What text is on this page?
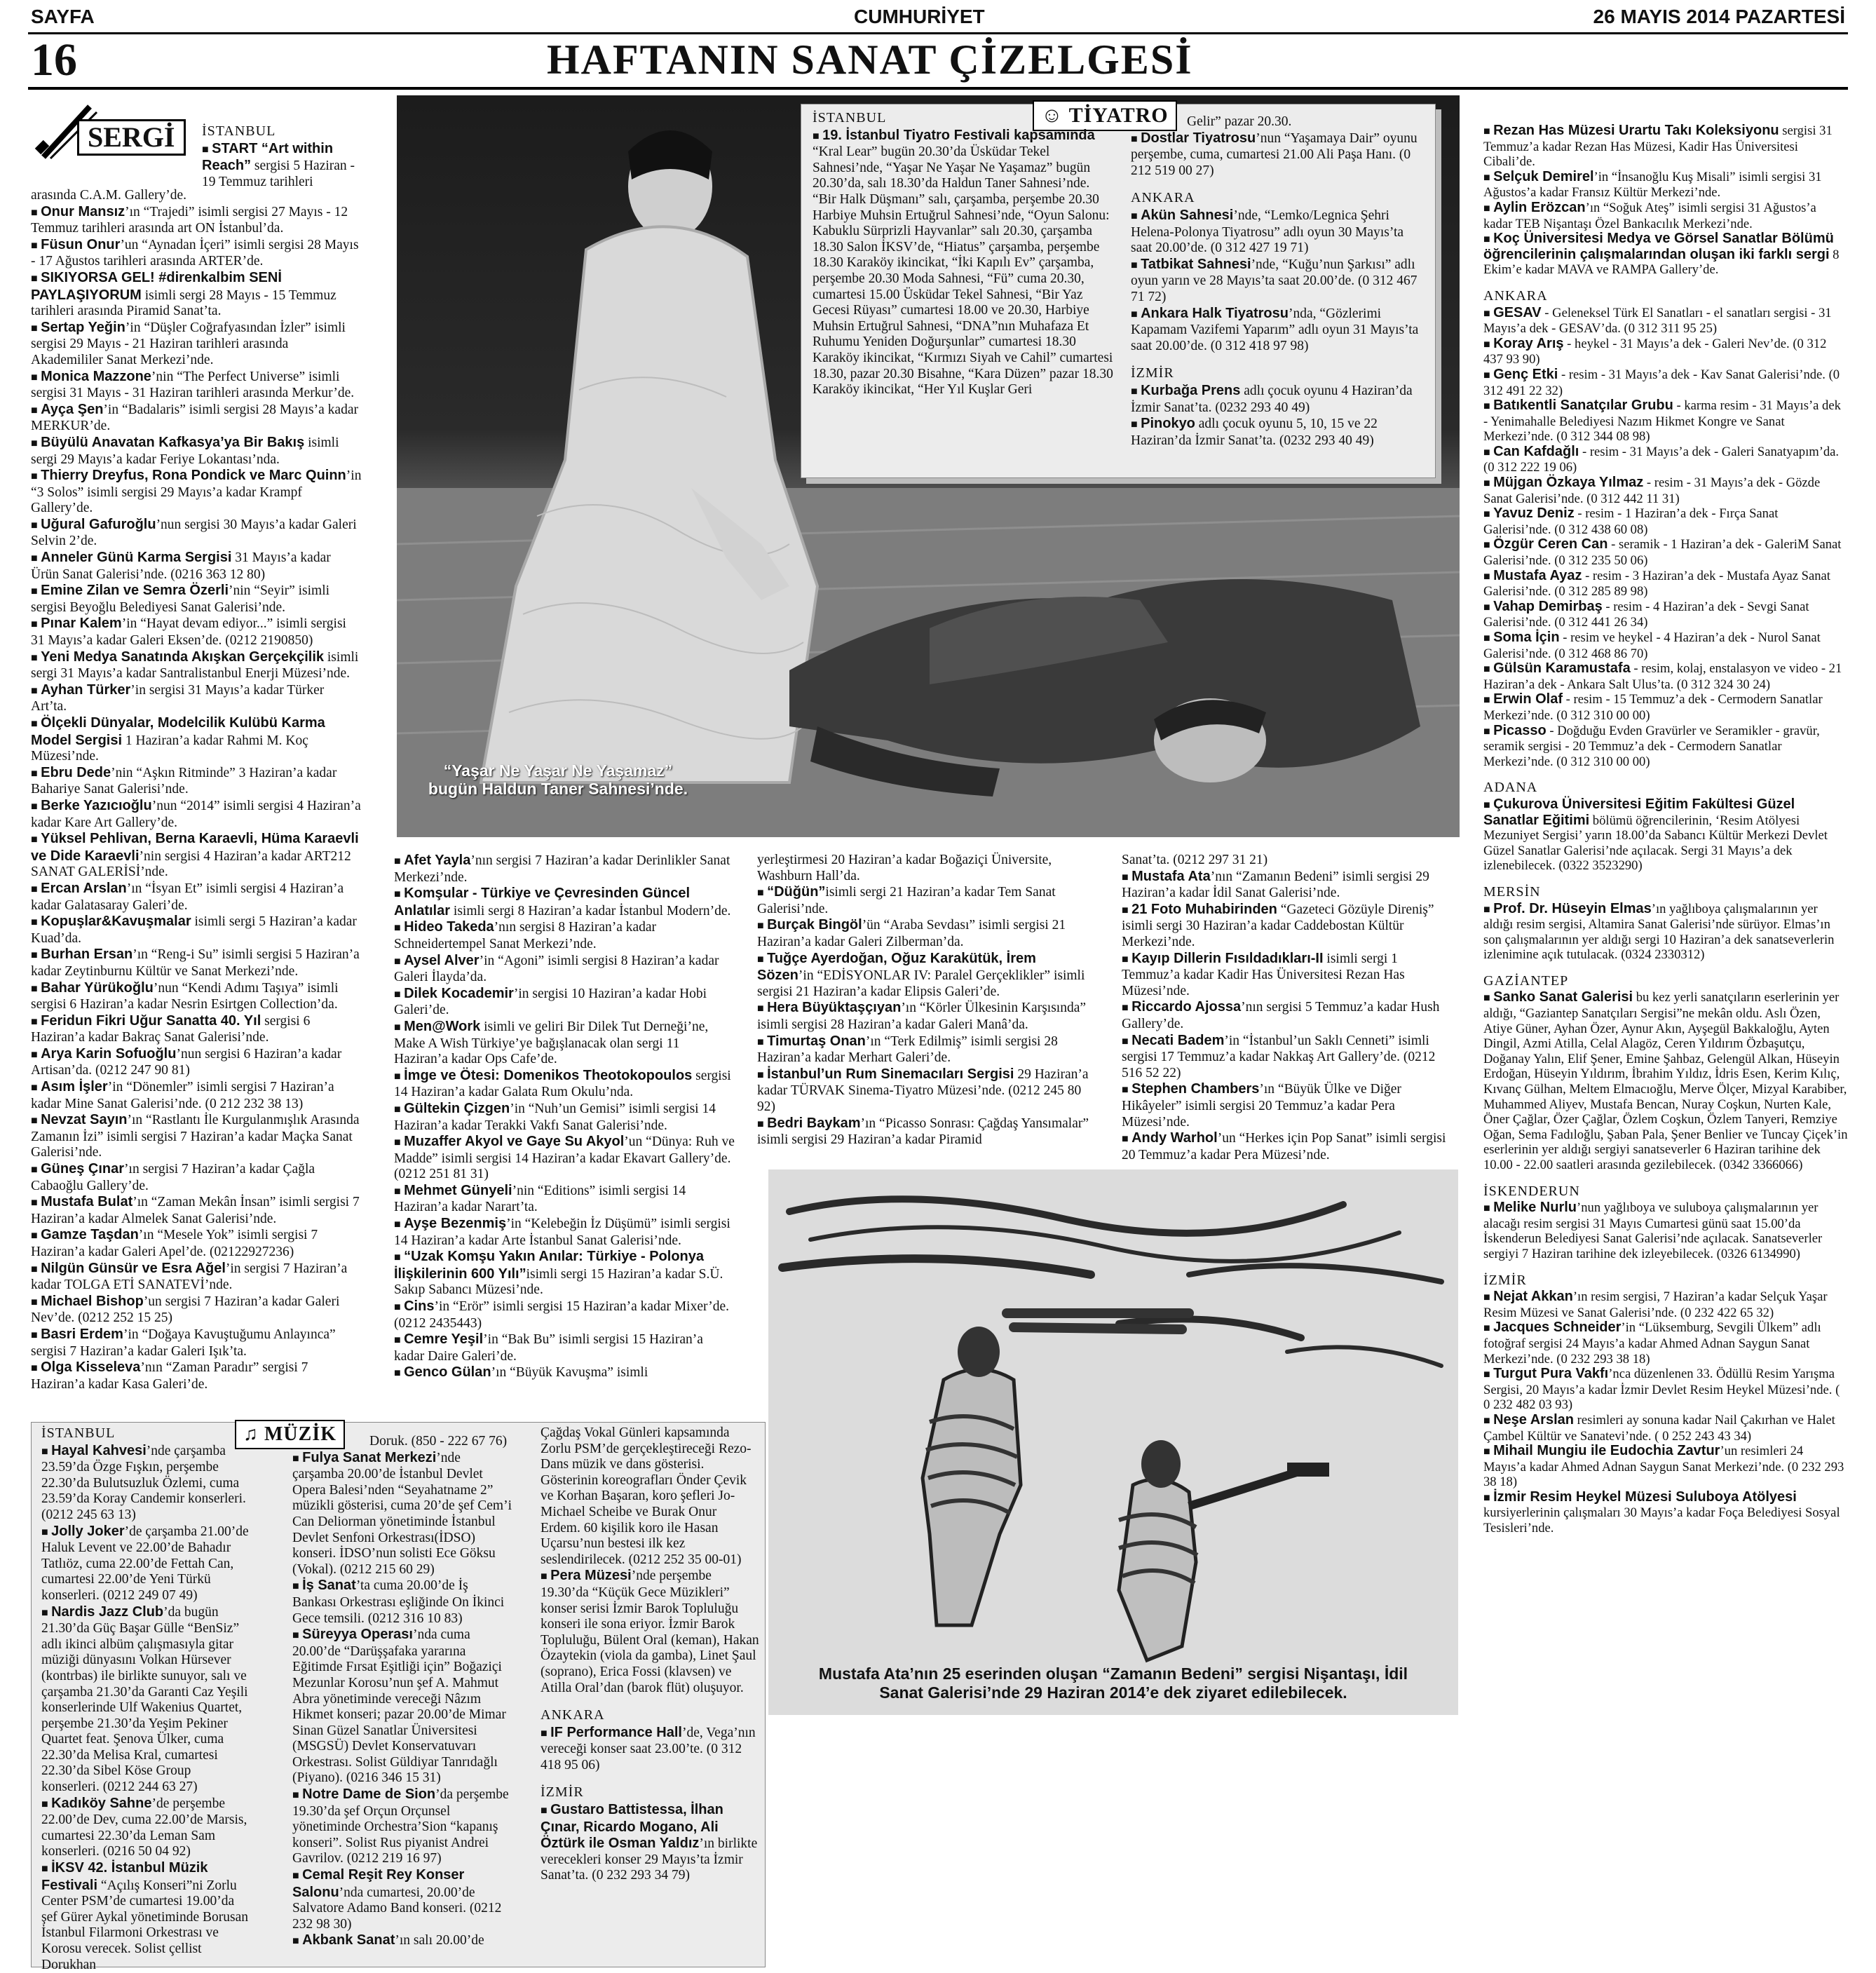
SAYFA	CUMHURİYET	26 MAYIS 2014 PAZARTESİ
16	HAFTANIN SANAT ÇİZELGESİ
SERGİ	İSTANBUL
■ START “Art within Reach” sergisi 5 Haziran - 19 Temmuz tarihleri
arasında C.A.M. Gallery’de.
■ Onur Mansız’ın “Trajedi” isimli sergisi 27 Mayıs - 12 Temmuz tarihleri arasında art ON İstanbul’da.
■ Füsun Onur’un “Aynadan İçeri” isimli sergisi 28 Mayıs - 17 Ağustos tarihleri arasında ARTER’de.
■ SIKIYORSA GEL! #direnkalbim SENİ PAYLAŞIYORUM isimli sergi 28 Mayıs - 15 Temmuz tarihleri arasında Piramid Sanat’ta.
■ Sertap Yeğin’in “Düşler Coğrafyasından İzler” isimli sergisi 29 Mayıs - 21 Haziran tarihleri arasında Akademililer Sanat Merkezi’nde.
■ Monica Mazzone’nin “The Perfect Universe” isimli sergisi 31 Mayıs - 31 Haziran tarihleri arasında Merkur’de.
■ Ayça Şen’in “Badalaris” isimli sergisi 28 Mayıs’a kadar MERKUR’de.
■ Büyülü Anavatan Kafkasya’ya Bir Bakış isimli sergi 29 Mayıs’a kadar Feriye Lokantası’nda.
■ Thierry Dreyfus, Rona Pondick ve Marc Quinn’in “3 Solos” isimli sergisi 29 Mayıs’a kadar Krampf Gallery’de.
■ Uğural Gafuroğlu’nun sergisi 30 Mayıs’a kadar Galeri Selvin 2’de.
■ Anneler Günü Karma Sergisi 31 Mayıs’a kadar Ürün Sanat Galerisi’nde. (0216 363 12 80)
■ Emine Zilan ve Semra Özerli’nin “Seyir” isimli sergisi Beyoğlu Belediyesi Sanat Galerisi’nde.
■ Pınar Kalem’in “Hayat devam ediyor...” isimli sergisi 31 Mayıs’a kadar Galeri Eksen’de. (0212 2190850)
■ Yeni Medya Sanatında Akışkan Gerçekçilik isimli sergi 31 Mayıs’a kadar Santralistanbul Enerji Müzesi’nde.
■ Ayhan Türker’in sergisi 31 Mayıs’a kadar Türker Art’ta.
■ Ölçekli Dünyalar, Modelcilik Kulübü Karma Model Sergisi 1 Haziran’a kadar Rahmi M. Koç Müzesi’nde.
■ Ebru Dede’nin “Aşkın Ritminde” 3 Haziran’a kadar Bahariye Sanat Galerisi’nde.
■ Berke Yazıcıoğlu’nun “2014” isimli sergisi 4 Haziran’a kadar Kare Art Gallery’de.
■ Yüksel Pehlivan, Berna Karaevli, Hüma Karaevli ve Dide Karaevli’nin sergisi 4 Haziran’a kadar ART212 SANAT GALERİSİ’nde.
■ Ercan Arslan’ın “İsyan Et” isimli sergisi 4 Haziran’a kadar Galatasaray Galeri’de.
■ Kopuşlar&Kavuşmalar isimli sergi 5 Haziran’a kadar Kuad’da.
■ Burhan Ersan’ın “Reng-i Su” isimli sergisi 5 Haziran’a kadar Zeytinburnu Kültür ve Sanat Merkezi’nde.
■ Bahar Yürükoğlu’nun “Kendi Adımı Taşıya” isimli sergisi 6 Haziran’a kadar Nesrin Esirtgen Collection’da.
■ Feridun Fikri Uğur Sanatta 40. Yıl sergisi 6 Haziran’a kadar Bakraç Sanat Galerisi’nde.
■ Arya Karin Sofuoğlu’nun sergisi 6 Haziran’a kadar Artisan’da. (0212 247 90 81)
■ Asım İşler’in “Dönemler” isimli sergisi 7 Haziran’a kadar Mine Sanat Galerisi’nde. (0 212 232 38 13)
■ Nevzat Sayın’ın “Rastlantı İle Kurgulanmışlık Arasında Zamanın İzi” isimli sergisi 7 Haziran’a kadar Maçka Sanat Galerisi’nde.
■ Güneş Çınar’ın sergisi 7 Haziran’a kadar Çağla Cabaoğlu Gallery’de.
■ Mustafa Bulat’ın “Zaman Mekân İnsan” isimli sergisi 7 Haziran’a kadar Almelek Sanat Galerisi’nde.
■ Gamze Taşdan’ın “Mesele Yok” isimli sergisi 7 Haziran’a kadar Galeri Apel’de. (02122927236)
■ Nilgün Günsür ve Esra Ağel’in sergisi 7 Haziran’a kadar TOLGA ETİ SANATEVİ’nde.
■ Michael Bishop’un sergisi 7 Haziran’a kadar Galeri Nev’de. (0212 252 15 25)
■ Basri Erdem’in “Doğaya Kavuştuğumu Anlayınca” sergisi 7 Haziran’a kadar Galeri Işık’ta.
■ Olga Kisseleva’nın “Zaman Paradır” sergisi 7 Haziran’a kadar Kasa Galeri’de.
“Yaşar Ne Yaşar Ne Yaşamaz” bugün Haldun Taner Sahnesi’nde.
☺ TİYATRO
İSTANBUL
■ 19. İstanbul Tiyatro Festivali kapsamında “Kral Lear” bugün 20.30’da Üsküdar Tekel Sahnesi’nde, “Yaşar Ne Yaşar Ne Yaşamaz” bugün 20.30’da, salı 18.30’da Haldun Taner Sahnesi’nde. “Bir Halk Düşmanı” salı, çarşamba, perşembe 20.30 Harbiye Muhsin Ertuğrul Sahnesi’nde, “Oyun Salonu: Kabuklu Sürprizli Hayvanlar” salı 20.30, çarşamba 18.30 Salon İKSV’de, “Hiatus” çarşamba, perşembe 18.30 Karaköy ikincikat, “İki Kapılı Ev” çarşamba, perşembe 20.30 Moda Sahnesi, “Fü” cuma 20.30, cumartesi 15.00 Üsküdar Tekel Sahnesi, “Bir Yaz Gecesi Rüyası” cumartesi 18.00 ve 20.30, Harbiye Muhsin Ertuğrul Sahnesi, “DNA”nın Muhafaza Et Ruhumu Yeniden Doğurşunlar” cumartesi 18.30 Karaköy ikincikat, “Kırmızı Siyah ve Cahil” cumartesi 18.30, pazar 20.30 Bisahne, “Kara Düzen” pazar 18.30 Karaköy ikincikat, “Her Yıl Kuşlar Geri
Gelir” pazar 20.30.
■ Dostlar Tiyatrosu’nun “Yaşamaya Dair” oyunu perşembe, cuma, cumartesi 21.00 Ali Paşa Hanı. (0 212 519 00 27)
ANKARA
■ Akün Sahnesi’nde, “Lemko/Legnica Şehri Helena-Polonya Tiyatrosu” adlı oyun 30 Mayıs’ta saat 20.00’de. (0 312 427 19 71)
■ Tatbikat Sahnesi’nde, “Kuğu’nun Şarkısı” adlı oyun yarın ve 28 Mayıs’ta saat 20.00’de. (0 312 467 71 72)
■ Ankara Halk Tiyatrosu’nda, “Gözlerimi Kapamam Vazifemi Yaparım” adlı oyun 31 Mayıs’ta saat 20.00’de. (0 312 418 97 98)
İZMİR
■ Kurbağa Prens adlı çocuk oyunu 4 Haziran’da İzmir Sanat’ta. (0232 293 40 49)
■ Pinokyo adlı çocuk oyunu 5, 10, 15 ve 22 Haziran’da İzmir Sanat’ta. (0232 293 40 49)
■ Afet Yayla’nın sergisi 7 Haziran’a kadar Derinlikler Sanat Merkezi’nde.
■ Komşular - Türkiye ve Çevresinden Güncel Anlatılar isimli sergi 8 Haziran’a kadar İstanbul Modern’de.
■ Hideo Takeda’nın sergisi 8 Haziran’a kadar Schneidertempel Sanat Merkezi’nde.
■ Aysel Alver’in “Agoni” isimli sergisi 8 Haziran’a kadar Galeri İlayda’da.
■ Dilek Kocademir’in sergisi 10 Haziran’a kadar Hobi Galeri’de.
■ Men@Work isimli ve geliri Bir Dilek Tut Derneği’ne, Make A Wish Türkiye’ye bağışlanacak olan sergi 11 Haziran’a kadar Ops Cafe’de.
■ İmge ve Ötesi: Domenikos Theotokopoulos sergisi 14 Haziran’a kadar Galata Rum Okulu’nda.
■ Gültekin Çizgen’in “Nuh’un Gemisi” isimli sergisi 14 Haziran’a kadar Terakki Vakfı Sanat Galerisi’nde.
■ Muzaffer Akyol ve Gaye Su Akyol’un “Dünya: Ruh ve Madde” isimli sergisi 14 Haziran’a kadar Ekavart Gallery’de. (0212 251 81 31)
■ Mehmet Günyeli’nin “Editions” isimli sergisi 14 Haziran’a kadar Narart’ta.
■ Ayşe Bezenmiş’in “Kelebeğin İz Düşümü” isimli sergisi 14 Haziran’a kadar Arte İstanbul Sanat Galerisi’nde.
■ “Uzak Komşu Yakın Anılar: Türkiye - Polonya İlişkilerinin 600 Yılı”isimli sergi 15 Haziran’a kadar S.Ü. Sakıp Sabancı Müzesi’nde.
■ Cins’in “Erör” isimli sergisi 15 Haziran’a kadar Mixer’de. (0212 2435443)
■ Cemre Yeşil’in “Bak Bu” isimli sergisi 15 Haziran’a kadar Daire Galeri’de.
■ Genco Gülan’ın “Büyük Kavuşma” isimli
yerleştirmesi 20 Haziran’a kadar Boğaziçi Üniversite, Washburn Hall’da.
■ “Düğün”isimli sergi 21 Haziran’a kadar Tem Sanat Galerisi’nde.
■ Burçak Bingöl’ün “Araba Sevdası” isimli sergisi 21 Haziran’a kadar Galeri Zilberman’da.
■ Tuğçe Ayerdoğan, Oğuz Karakütük, İrem Sözen’in “EDİSYONLAR IV: Paralel Gerçeklikler” isimli sergisi 21 Haziran’a kadar Elipsis Galeri’de.
■ Hera Büyüktaşçıyan’ın “Körler Ülkesinin Karşısında” isimli sergisi 28 Haziran’a kadar Galeri Manâ’da.
■ Timurtaş Onan’ın “Terk Edilmiş” isimli sergisi 28 Haziran’a kadar Merhart Galeri’de.
■ İstanbul’un Rum Sinemacıları Sergisi 29 Haziran’a kadar TÜRVAK Sinema-Tiyatro Müzesi’nde. (0212 245 80 92)
■ Bedri Baykam’ın “Picasso Sonrası: Çağdaş Yansımalar” isimli sergisi 29 Haziran’a kadar Piramid
Sanat’ta. (0212 297 31 21)
■ Mustafa Ata’nın “Zamanın Bedeni” isimli sergisi 29 Haziran’a kadar İdil Sanat Galerisi’nde.
■ 21 Foto Muhabirinden “Gazeteci Gözüyle Direniş” isimli sergi 30 Haziran’a kadar Caddebostan Kültür Merkezi’nde.
■ Kayıp Dillerin Fısıldadıkları-II isimli sergi 1 Temmuz’a kadar Kadir Has Üniversitesi Rezan Has Müzesi’nde.
■ Riccardo Ajossa’nın sergisi 5 Temmuz’a kadar Hush Gallery’de.
■ Necati Badem’in “İstanbul’un Saklı Cenneti” isimli sergisi 17 Temmuz’a kadar Nakkaş Art Gallery’de. (0212 516 52 22)
■ Stephen Chambers’ın “Büyük Ülke ve Diğer Hikâyeler” isimli sergisi 20 Temmuz’a kadar Pera Müzesi’nde.
■ Andy Warhol’un “Herkes için Pop Sanat” isimli sergisi 20 Temmuz’a kadar Pera Müzesi’nde.
Mustafa Ata’nın 25 eserinden oluşan “Zamanın Bedeni” sergisi Nişantaşı, İdil Sanat Galerisi’nde 29 Haziran 2014’e dek ziyaret edilebilecek.
♫ MÜZİK
İSTANBUL
■ Hayal Kahvesi’nde çarşamba 23.59’da Özge Fışkın, perşembe 22.30’da Bulutsuzluk Özlemi, cuma 23.59’da Koray Candemir konserleri. (0212 245 63 13)
■ Jolly Joker’de çarşamba 21.00’de Haluk Levent ve 22.00’de Bahadır Tatlıöz, cuma 22.00’de Fettah Can, cumartesi 22.00’de Yeni Türkü konserleri. (0212 249 07 49)
■ Nardis Jazz Club’da bugün 21.30’da Güç Başar Gülle “BenSiz” adlı ikinci albüm çalışmasıyla gitar müziği dünyasını Volkan Hürsever (kontrbas) ile birlikte sunuyor, salı ve çarşamba 21.30’da Garanti Caz Yeşili konserlerinde Ulf Wakenius Quartet, perşembe 21.30’da Yeşim Pekiner Quartet feat. Şenova Ülker, cuma 22.30’da Melisa Kral, cumartesi 22.30’da Sibel Köse Group konserleri. (0212 244 63 27)
■ Kadıköy Sahne’de perşembe 22.00’de Dev, cuma 22.00’de Marsis, cumartesi 22.30’da Leman Sam konserleri. (0216 50 04 92)
■ İKSV 42. İstanbul Müzik Festivali “Açılış Konseri”ni Zorlu Center PSM’de cumartesi 19.00’da şef Gürer Aykal yönetiminde Borusan İstanbul Filarmoni Orkestrası ve Korosu verecek. Solist çellist Dorukhan
Doruk. (850 - 222 67 76)
■ Fulya Sanat Merkezi’nde çarşamba 20.00’de İstanbul Devlet Opera Balesi’nden “Seyahatname 2” müzikli gösterisi, cuma 20’de şef Cem’i Can Deliorman yönetiminde İstanbul Devlet Senfoni Orkestrası(İDSO) konseri. İDSO’nun solisti Ece Göksu (Vokal). (0212 215 60 29)
■ İş Sanat’ta cuma 20.00’de İş Bankası Orkestrası eşliğinde On İkinci Gece temsili. (0212 316 10 83)
■ Süreyya Operası’nda cuma 20.00’de “Darüşşafaka yararına Eğitimde Fırsat Eşitliği için” Boğaziçi Mezunlar Korosu’nun şef A. Mahmut Abra yönetiminde vereceği Nâzım Hikmet konseri; pazar 20.00’de Mimar Sinan Güzel Sanatlar Üniversitesi (MSGSÜ) Devlet Konservatuvarı Orkestrası. Solist Güldiyar Tanrıdağlı (Piyano). (0216 346 15 31)
■ Notre Dame de Sion’da perşembe 19.30’da şef Orçun Orçunsel yönetiminde Orchestra’Sion “kapanış konseri”. Solist Rus piyanist Andrei Gavrilov. (0212 219 16 97)
■ Cemal Reşit Rey Konser Salonu’nda cumartesi, 20.00’de Salvatore Adamo Band konseri. (0212 232 98 30)
■ Akbank Sanat’ın salı 20.00’de
Çağdaş Vokal Günleri kapsamında Zorlu PSM’de gerçekleştireceği Rezo-Dans müzik ve dans gösterisi. Gösterinin koreografları Önder Çevik ve Korhan Başaran, koro şefleri Jo-Michael Scheibe ve Burak Onur Erdem. 60 kişilik koro ile Hasan Uçarsu’nun bestesi ilk kez seslendirilecek. (0212 252 35 00-01)
■ Pera Müzesi’nde perşembe 19.30’da “Küçük Gece Müzikleri” konser serisi İzmir Barok Topluluğu konseri ile sona eriyor. İzmir Barok Topluluğu, Bülent Oral (keman), Hakan Özaytekin (viola da gamba), Linet Şaul (soprano), Erica Fossi (klavsen) ve Atilla Oral’dan (barok flüt) oluşuyor.
ANKARA
■ IF Performance Hall’de, Vega’nın vereceği konser saat 23.00’te. (0 312 418 95 06)
İZMİR
■ Gustaro Battistessa, İlhan Çınar, Ricardo Mogano, Ali Öztürk ile Osman Yaldız’ın birlikte verecekleri konser 29 Mayıs’ta İzmir Sanat’ta. (0 232 293 34 79)
■ Rezan Has Müzesi Urartu Takı Koleksiyonu sergisi 31 Temmuz’a kadar Rezan Has Müzesi, Kadir Has Üniversitesi Cibali’de.
■ Selçuk Demirel’in “İnsanoğlu Kuş Misali” isimli sergisi 31 Ağustos’a kadar Fransız Kültür Merkezi’nde.
■ Aylin Erözcan’ın “Soğuk Ateş” isimli sergisi 31 Ağustos’a kadar TEB Nişantaşı Özel Bankacılık Merkezi’nde.
■ Koç Üniversitesi Medya ve Görsel Sanatlar Bölümü öğrencilerinin çalışmalarından oluşan iki farklı sergi 8 Ekim’e kadar MAVA ve RAMPA Gallery’de.
ANKARA
■ GESAV - Geleneksel Türk El Sanatları - el sanatları sergisi - 31 Mayıs’a dek - GESAV’da. (0 312 311 95 25)
■ Koray Arış - heykel - 31 Mayıs’a dek - Galeri Nev’de. (0 312 437 93 90)
■ Genç Etki - resim - 31 Mayıs’a dek - Kav Sanat Galerisi’nde. (0 312 491 22 32)
■ Batıkentli Sanatçılar Grubu - karma resim - 31 Mayıs’a dek - Yenimahalle Belediyesi Nazım Hikmet Kongre ve Sanat Merkezi’nde. (0 312 344 08 98)
■ Can Kafdağlı - resim - 31 Mayıs’a dek - Galeri Sanatyapım’da. (0 312 222 19 06)
■ Müjgan Özkaya Yılmaz - resim - 31 Mayıs’a dek - Gözde Sanat Galerisi’nde. (0 312 442 11 31)
■ Yavuz Deniz - resim - 1 Haziran’a dek - Fırça Sanat Galerisi’nde. (0 312 438 60 08)
■ Özgür Ceren Can - seramik - 1 Haziran’a dek - GaleriM Sanat Galerisi’nde. (0 312 235 50 06)
■ Mustafa Ayaz - resim - 3 Haziran’a dek - Mustafa Ayaz Sanat Galerisi’nde. (0 312 285 89 98)
■ Vahap Demirbaş - resim - 4 Haziran’a dek - Sevgi Sanat Galerisi’nde. (0 312 441 26 34)
■ Soma İçin - resim ve heykel - 4 Haziran’a dek - Nurol Sanat Galerisi’nde. (0 312 468 86 70)
■ Gülsün Karamustafa - resim, kolaj, enstalasyon ve video - 21 Haziran’a dek - Ankara Salt Ulus’ta. (0 312 324 30 24)
■ Erwin Olaf - resim - 15 Temmuz’a dek - Cermodern Sanatlar Merkezi’nde. (0 312 310 00 00)
■ Picasso - Doğduğu Evden Gravürler ve Seramikler - gravür, seramik sergisi - 20 Temmuz’a dek - Cermodern Sanatlar Merkezi’nde. (0 312 310 00 00)
ADANA
■ Çukurova Üniversitesi Eğitim Fakültesi Güzel Sanatlar Eğitimi bölümü öğrencilerinin, ‘Resim Atölyesi Mezuniyet Sergisi’ yarın 18.00’da Sabancı Kültür Merkezi Devlet Güzel Sanatlar Galerisi’nde açılacak. Sergi 31 Mayıs’a dek izlenebilecek. (0322 3523290)
MERSİN
■ Prof. Dr. Hüseyin Elmas’ın yağlıboya çalışmalarının yer aldığı resim sergisi, Altamira Sanat Galerisi’nde sürüyor. Elmas’ın son çalışmalarının yer aldığı sergi 10 Haziran’a dek sanatseverlerin izlenimine açık tutulacak. (0324 2330312)
GAZİANTEP
■ Sanko Sanat Galerisi bu kez yerli sanatçıların eserlerinin yer aldığı, “Gaziantep Sanatçıları Sergisi”ne mekân oldu. Aslı Özen, Atiye Güner, Ayhan Özer, Aynur Akın, Ayşegül Bakkaloğlu, Ayten Dingil, Azmi Atilla, Celal Alagöz, Ceren Yıldırım Özbaşutçu, Doğanay Yalın, Elif Şener, Emine Şahbaz, Gelengül Alkan, Hüseyin Erdoğan, Hüseyin Yıldırım, İbrahim Yıldız, İdris Esen, Kerim Kılıç, Kıvanç Gülhan, Meltem Elmacıoğlu, Merve Ölçer, Mizyal Karabiber, Muhammed Aliyev, Mustafa Bencan, Nuray Coşkun, Nurten Kale, Öner Çağlar, Özer Çağlar, Özlem Coşkun, Özlem Tanyeri, Remziye Oğan, Sema Fadıloğlu, Şaban Pala, Şener Benlier ve Tuncay Çiçek’in eserlerinin yer aldığı sergiyi sanatseverler 6 Haziran tarihine dek 10.00 - 22.00 saatleri arasında gezilebilecek. (0342 3366066)
İSKENDERUN
■ Melike Nurlu’nun yağlıboya ve suluboya çalışmalarının yer alacağı resim sergisi 31 Mayıs Cumartesi günü saat 15.00’da İskenderun Belediyesi Sanat Galerisi’nde açılacak. Sanatseverler sergiyi 7 Haziran tarihine dek izleyebilecek. (0326 6134990)
İZMİR
■ Nejat Akkan’ın resim sergisi, 7 Haziran’a kadar Selçuk Yaşar Resim Müzesi ve Sanat Galerisi’nde. (0 232 422 65 32)
■ Jacques Schneider’in “Lüksemburg, Sevgili Ülkem” adlı fotoğraf sergisi 24 Mayıs’a kadar Ahmed Adnan Saygun Sanat Merkezi’nde. (0 232 293 38 18)
■ Turgut Pura Vakfı’nca düzenlenen 33. Ödüllü Resim Yarışma Sergisi, 20 Mayıs’a kadar İzmir Devlet Resim Heykel Müzesi’nde. ( 0 232 482 03 93)
■ Neşe Arslan resimleri ay sonuna kadar Nail Çakırhan ve Halet Çambel Kültür ve Sanatevi’nde. ( 0 252 243 43 34)
■ Mihail Mungiu ile Eudochia Zavtur’un resimleri 24 Mayıs’a kadar Ahmed Adnan Saygun Sanat Merkezi’nde. (0 232 293 38 18)
■ İzmir Resim Heykel Müzesi Suluboya Atölyesi kursiyerlerinin çalışmaları 30 Mayıs’a kadar Foça Belediyesi Sosyal Tesisleri’nde.
